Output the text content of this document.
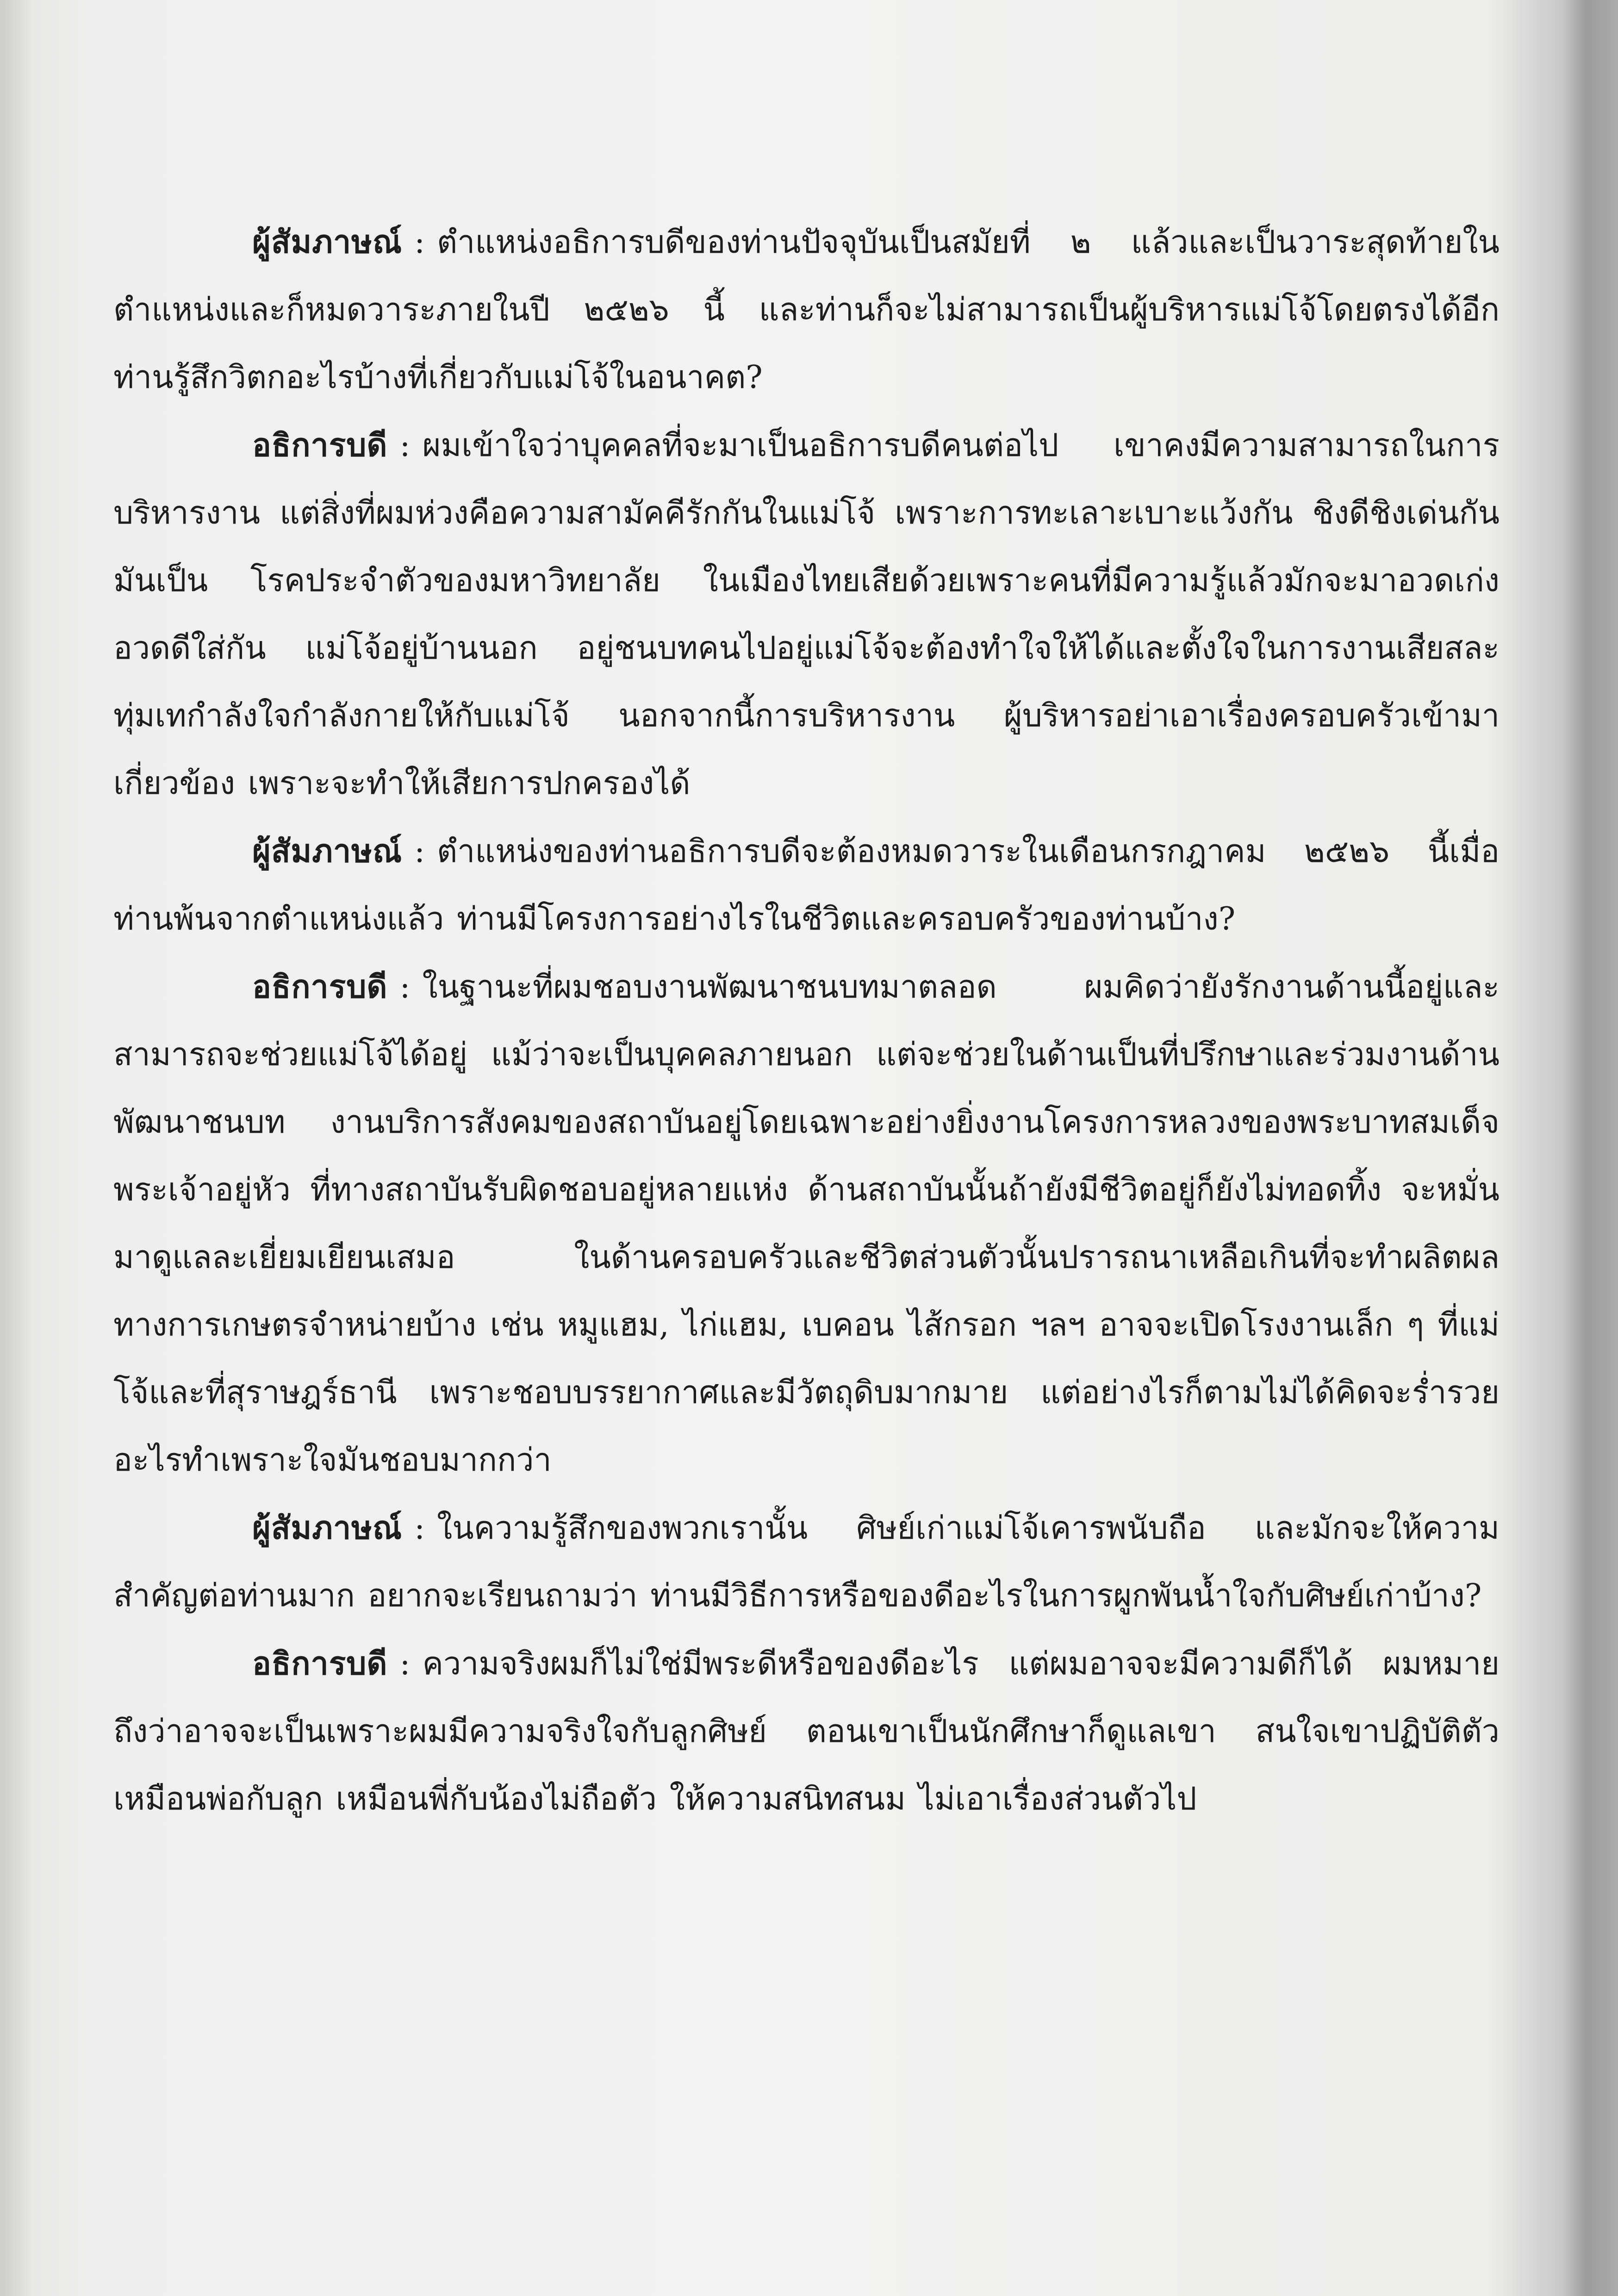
ผู้สัมภาษณ์ : ตำแหน่งอธิการบดีของท่านปัจจุบันเป็นสมัยที่ ๒ แล้วและเป็นวาระสุดท้ายในตำแหน่งและก็หมดวาระภายในปี ๒๕๒๖ นี้ และท่านก็จะไม่สามารถเป็นผู้บริหารแม่โจ้โดยตรงได้อีก ท่านรู้สึกวิตกอะไรบ้างที่เกี่ยวกับแม่โจ้ในอนาคต?

อธิการบดี : ผมเข้าใจว่าบุคคลที่จะมาเป็นอธิการบดีคนต่อไป เขาคงมีความสามารถในการบริหารงาน แต่สิ่งที่ผมห่วงคือความสามัคคีรักกันในแม่โจ้ เพราะการทะเลาะเบาะแว้งกัน ชิงดีชิงเด่นกันมันเป็น โรคประจำตัวของมหาวิทยาลัย ในเมืองไทยเสียด้วยเพราะคนที่มีความรู้แล้วมักจะมาอวดเก่งอวดดีใส่กัน แม่โจ้อยู่บ้านนอก อยู่ชนบทคนไปอยู่แม่โจ้จะต้องทำใจให้ได้และตั้งใจในการงานเสียสละทุ่มเทกำลังใจกำลังกายให้กับแม่โจ้ นอกจากนี้การบริหารงาน ผู้บริหารอย่าเอาเรื่องครอบครัวเข้ามาเกี่ยวข้อง เพราะจะทำให้เสียการปกครองได้

ผู้สัมภาษณ์ : ตำแหน่งของท่านอธิการบดีจะต้องหมดวาระในเดือนกรกฎาคม ๒๕๒๖ นี้เมื่อท่านพ้นจากตำแหน่งแล้ว ท่านมีโครงการอย่างไรในชีวิตและครอบครัวของท่านบ้าง?

อธิการบดี : ในฐานะที่ผมชอบงานพัฒนาชนบทมาตลอด ผมคิดว่ายังรักงานด้านนี้อยู่และสามารถจะช่วยแม่โจ้ได้อยู่ แม้ว่าจะเป็นบุคคลภายนอก แต่จะช่วยในด้านเป็นที่ปรึกษาและร่วมงานด้านพัฒนาชนบท งานบริการสังคมของสถาบันอยู่โดยเฉพาะอย่างยิ่งงานโครงการหลวงของพระบาทสมเด็จพระเจ้าอยู่หัว ที่ทางสถาบันรับผิดชอบอยู่หลายแห่ง ด้านสถาบันนั้นถ้ายังมีชีวิตอยู่ก็ยังไม่ทอดทิ้ง จะหมั่นมาดูแลละเยี่ยมเยียนเสมอ ในด้านครอบครัวและชีวิตส่วนตัวนั้นปรารถนาเหลือเกินที่จะทำผลิตผลทางการเกษตรจำหน่ายบ้าง เช่น หมูแฮม, ไก่แฮม, เบคอน ไส้กรอก ฯลฯ อาจจะเปิดโรงงานเล็ก ๆ ที่แม่โจ้และที่สุราษฎร์ธานี เพราะชอบบรรยากาศและมีวัตถุดิบมากมาย แต่อย่างไรก็ตามไม่ได้คิดจะร่ำรวยอะไรทำเพราะใจมันชอบมากกว่า

ผู้สัมภาษณ์ : ในความรู้สึกของพวกเรานั้น ศิษย์เก่าแม่โจ้เคารพนับถือ และมักจะให้ความสำคัญต่อท่านมาก อยากจะเรียนถามว่า ท่านมีวิธีการหรือของดีอะไรในการผูกพันน้ำใจกับศิษย์เก่าบ้าง?

อธิการบดี : ความจริงผมก็ไม่ใช่มีพระดีหรือของดีอะไร แต่ผมอาจจะมีความดีก็ได้ ผมหมายถึงว่าอาจจะเป็นเพราะผมมีความจริงใจกับลูกศิษย์ ตอนเขาเป็นนักศึกษาก็ดูแลเขา สนใจเขาปฏิบัติตัวเหมือนพ่อกับลูก เหมือนพี่กับน้องไม่ถือตัว ให้ความสนิทสนม ไม่เอาเรื่องส่วนตัวไป
